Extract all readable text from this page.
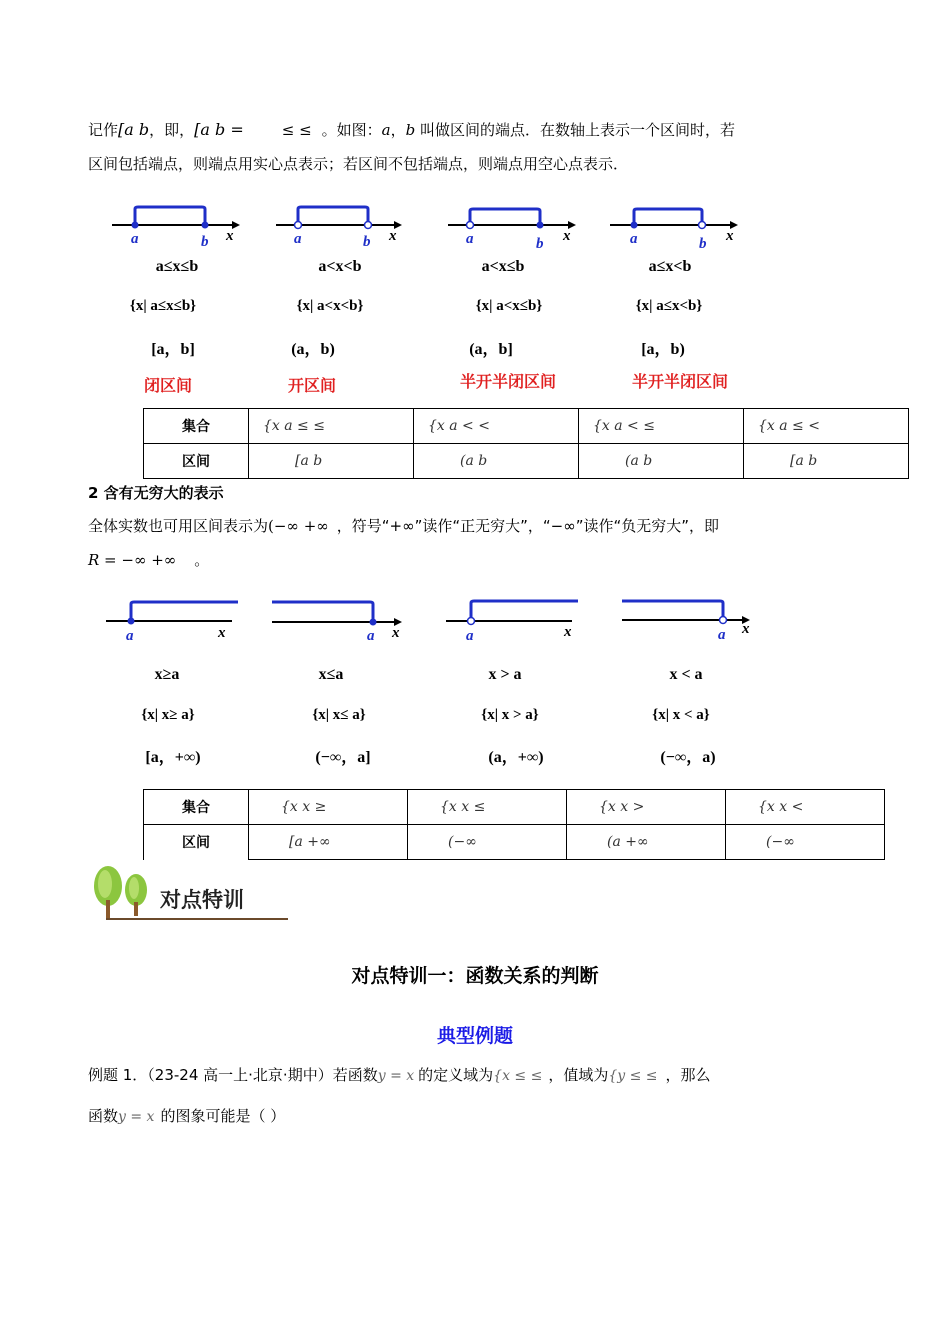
记作[a b，即，[a b =	≤ ≤ 。如图：a，b 叫做区间的端点．在数轴上表示一个区间时，若
区间包括端点，则端点用实心点表示；若区间不包括端点，则端点用空心点表示．
a	b x	a	b x	a	b x	a	b x
a≤x≤b	a<x<b	a<x≤b	a≤x<b
{x| a≤x≤b}	{x| a<x<b}	{x| a<x≤b}	{x| a≤x<b}
[a，b]	(a，b)	(a，b]	[a，b)
闭区间	开区间	半开半闭区间	半开半闭区间
集合	{x a ≤ ≤	{x a < <	{x a < ≤	{x a ≤ <
区间	[a b	(a b	(a b	[a b
2 含有无穷大的表示
全体实数也可用区间表示为(−∞ +∞ ，符号“+∞”读作“正无穷大”，“−∞”读作“负无穷大”，即
R = −∞ +∞ 。
a	x	a x	a	x	a x
x≥a	x≤a	x > a	x < a
{x| x≥ a}	{x| x≤ a}	{x| x > a}	{x| x < a}
[a，+∞)	(−∞，a]	(a，+∞)	(−∞，a)
集合	{x x ≥	{x x ≤	{x x >	{x x <
区间	[a +∞	(−∞	(a +∞	(−∞
对点特训
对点特训一：函数关系的判断
典型例题
例题 1．（23-24 高一上·北京·期中）若函数y = x 的定义域为{x ≤ ≤ ，值域为{y ≤ ≤ ，那么
函数y = x 的图象可能是（ ）
